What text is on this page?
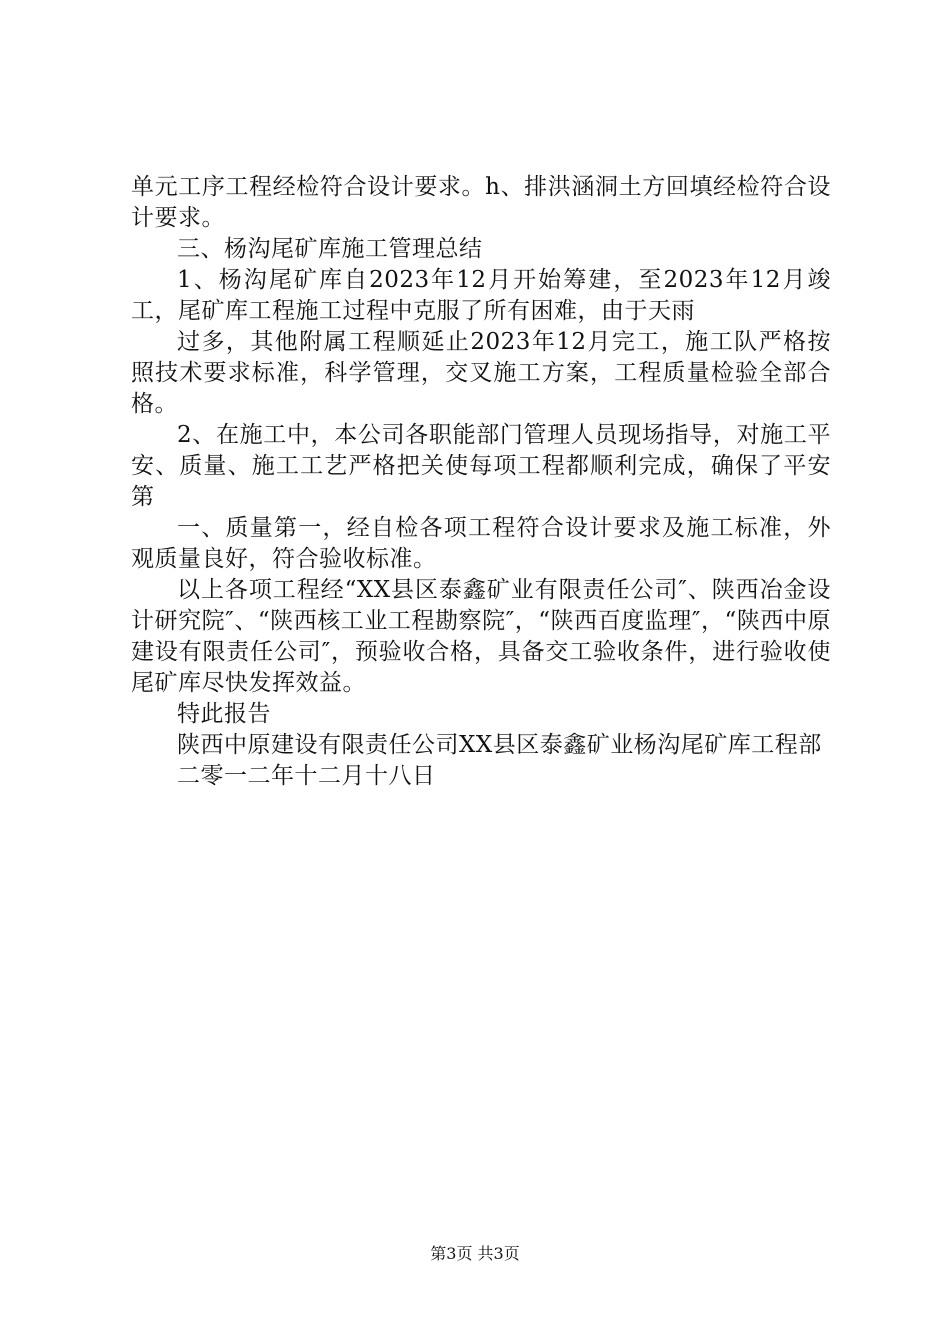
单元工序工程经检符合设计要求。h、排洪涵洞土方回填经检符合设计要求。

三、杨沟尾矿库施工管理总结

1、杨沟尾矿库自2023年12月开始筹建，至2023年12月竣工，尾矿库工程施工过程中克服了所有困难，由于天雨

过多，其他附属工程顺延止2023年12月完工，施工队严格按照技术要求标准，科学管理，交叉施工方案，工程质量检验全部合格。

2、在施工中，本公司各职能部门管理人员现场指导，对施工平安、质量、施工工艺严格把关使每项工程都顺利完成，确保了平安第

一、质量第一，经自检各项工程符合设计要求及施工标准，外观质量良好，符合验收标准。

以上各项工程经“XX县区泰鑫矿业有限责任公司″、陕西冶金设计研究院″、“陕西核工业工程勘察院″，“陕西百度监理″，“陕西中原建设有限责任公司″，预验收合格，具备交工验收条件，进行验收使尾矿库尽快发挥效益。

特此报告

陕西中原建设有限责任公司XX县区泰鑫矿业杨沟尾矿库工程部

二零一二年十二月十八日

第3页 共3页
